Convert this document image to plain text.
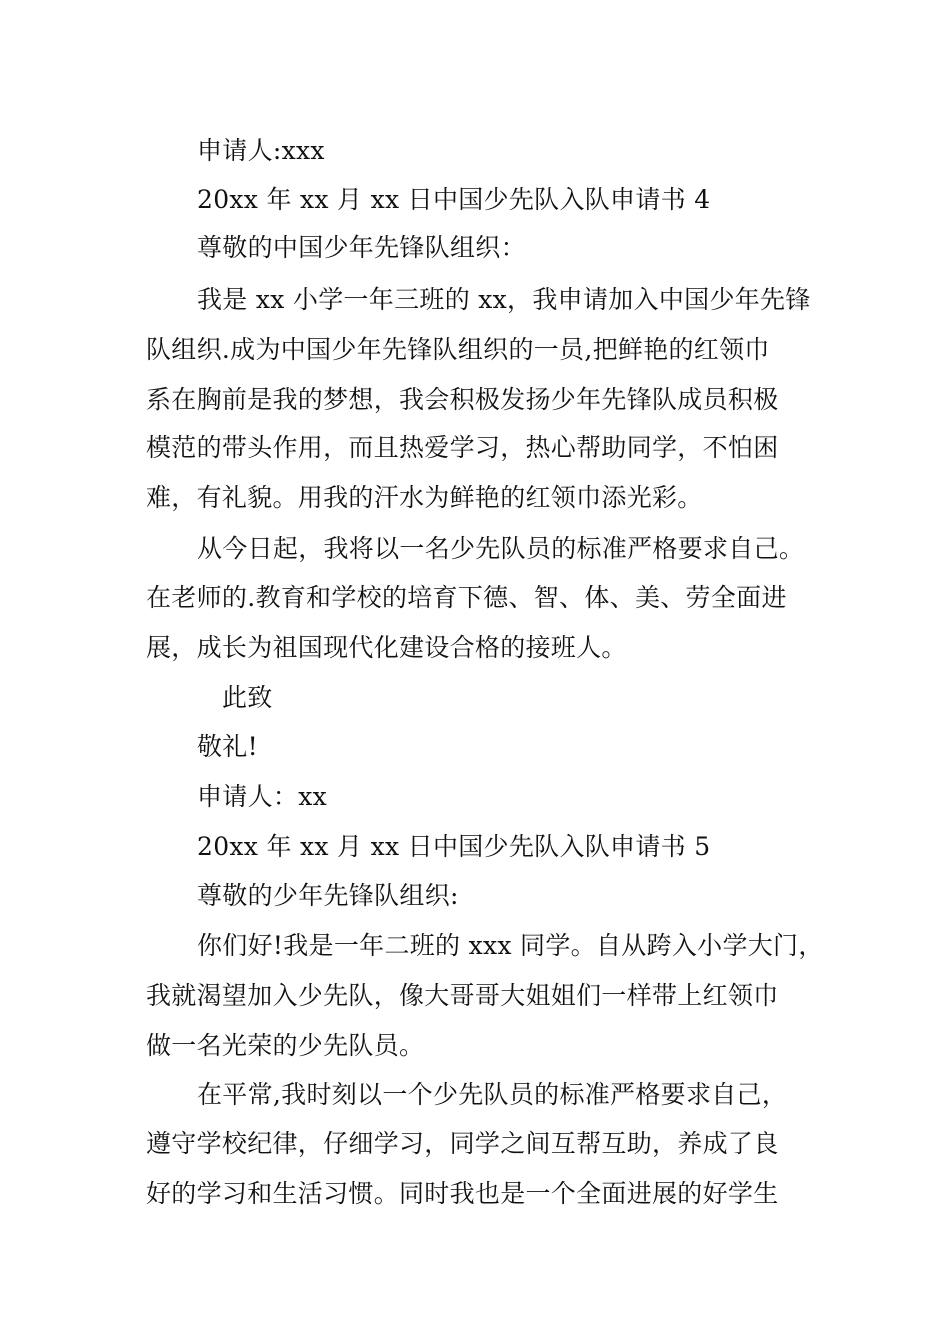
申请人:xxx
20xx 年 xx 月 xx 日中国少先队入队申请书 4
尊敬的中国少年先锋队组织：
我是 xx 小学一年三班的 xx，我申请加入中国少年先锋
队组织.成为中国少年先锋队组织的一员,把鲜艳的红领巾
系在胸前是我的梦想，我会积极发扬少年先锋队成员积极
模范的带头作用，而且热爱学习，热心帮助同学，不怕困
难，有礼貌。用我的汗水为鲜艳的红领巾添光彩。
从今日起，我将以一名少先队员的标准严格要求自己。
在老师的.教育和学校的培育下德、智、体、美、劳全面进
展，成长为祖国现代化建设合格的接班人。
此致
敬礼!
申请人：xx
20xx 年 xx 月 xx 日中国少先队入队申请书 5
尊敬的少年先锋队组织:
你们好!我是一年二班的 xxx 同学。自从跨入小学大门，
我就渴望加入少先队，像大哥哥大姐姐们一样带上红领巾
做一名光荣的少先队员。
在平常,我时刻以一个少先队员的标准严格要求自己，
遵守学校纪律，仔细学习，同学之间互帮互助，养成了良
好的学习和生活习惯。同时我也是一个全面进展的好学生
